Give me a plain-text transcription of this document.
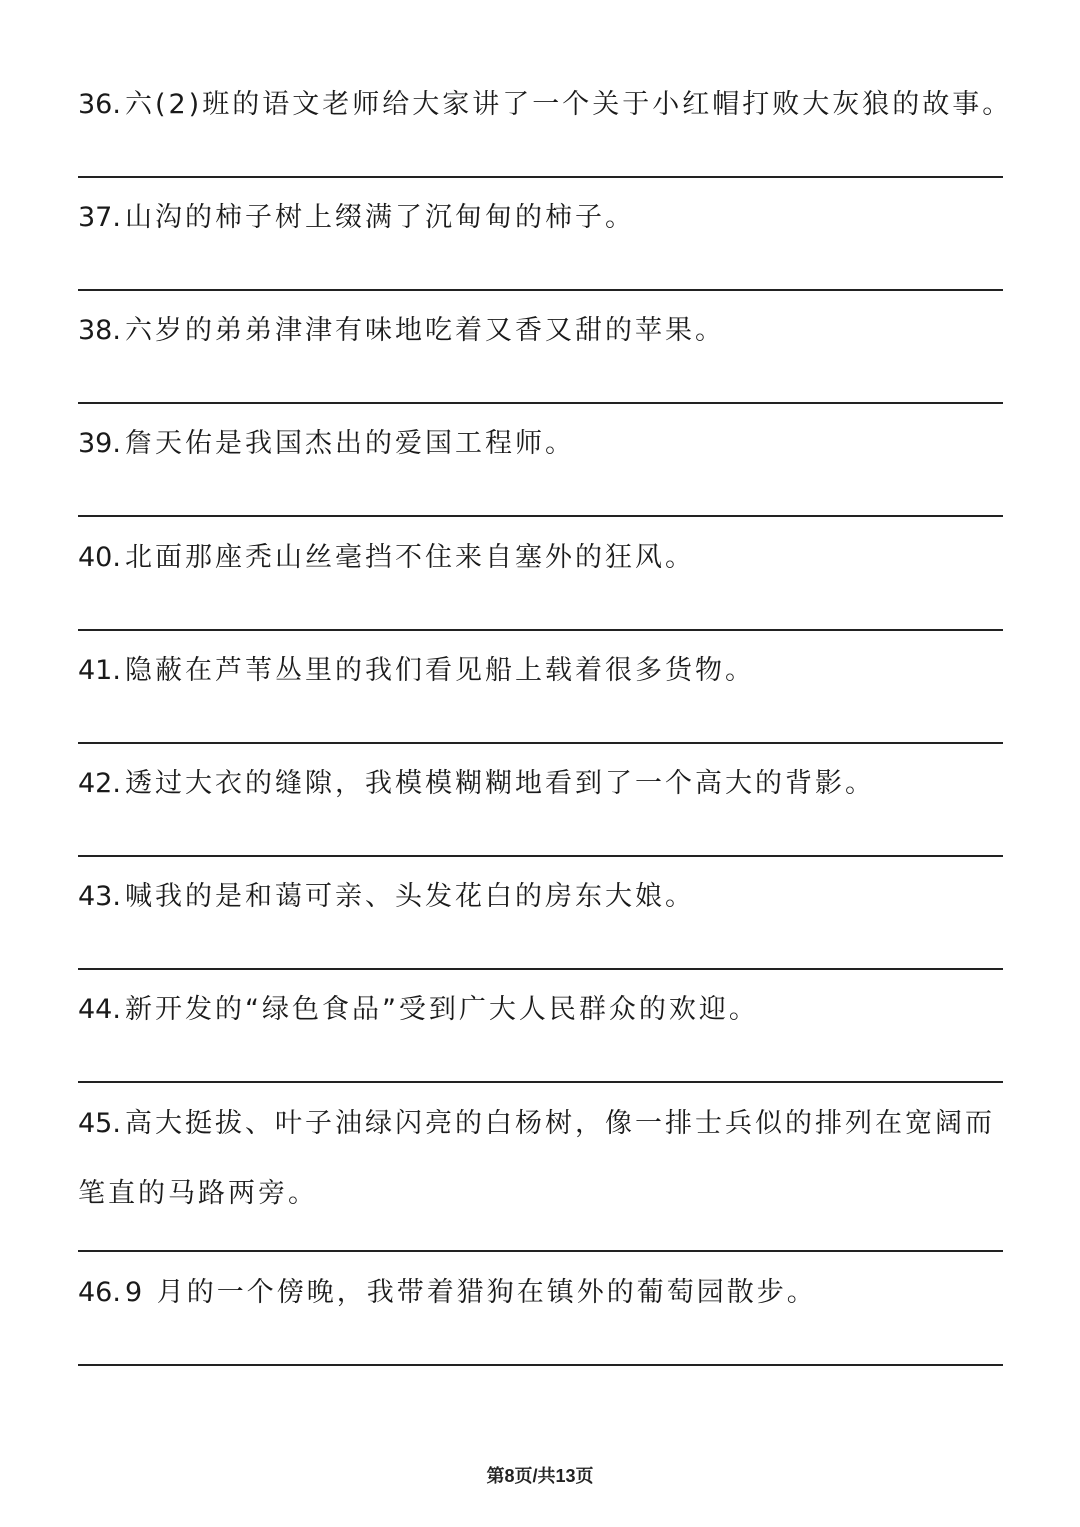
36. 六(2)班的语文老师给大家讲了一个关于小红帽打败大灰狼的故事。
37. 山沟的柿子树上缀满了沉甸甸的柿子。
38. 六岁的弟弟津津有味地吃着又香又甜的苹果。
39. 詹天佑是我国杰出的爱国工程师。
40. 北面那座秃山丝毫挡不住来自塞外的狂风。
41. 隐蔽在芦苇丛里的我们看见船上载着很多货物。
42. 透过大衣的缝隙，我模模糊糊地看到了一个高大的背影。
43. 喊我的是和蔼可亲、头发花白的房东大娘。
44. 新开发的“绿色食品”受到广大人民群众的欢迎。
45. 高大挺拔、叶子油绿闪亮的白杨树，像一排士兵似的排列在宽阔而笔直的马路两旁。
46. 9 月的一个傍晚，我带着猎狗在镇外的葡萄园散步。
第8页/共13页
